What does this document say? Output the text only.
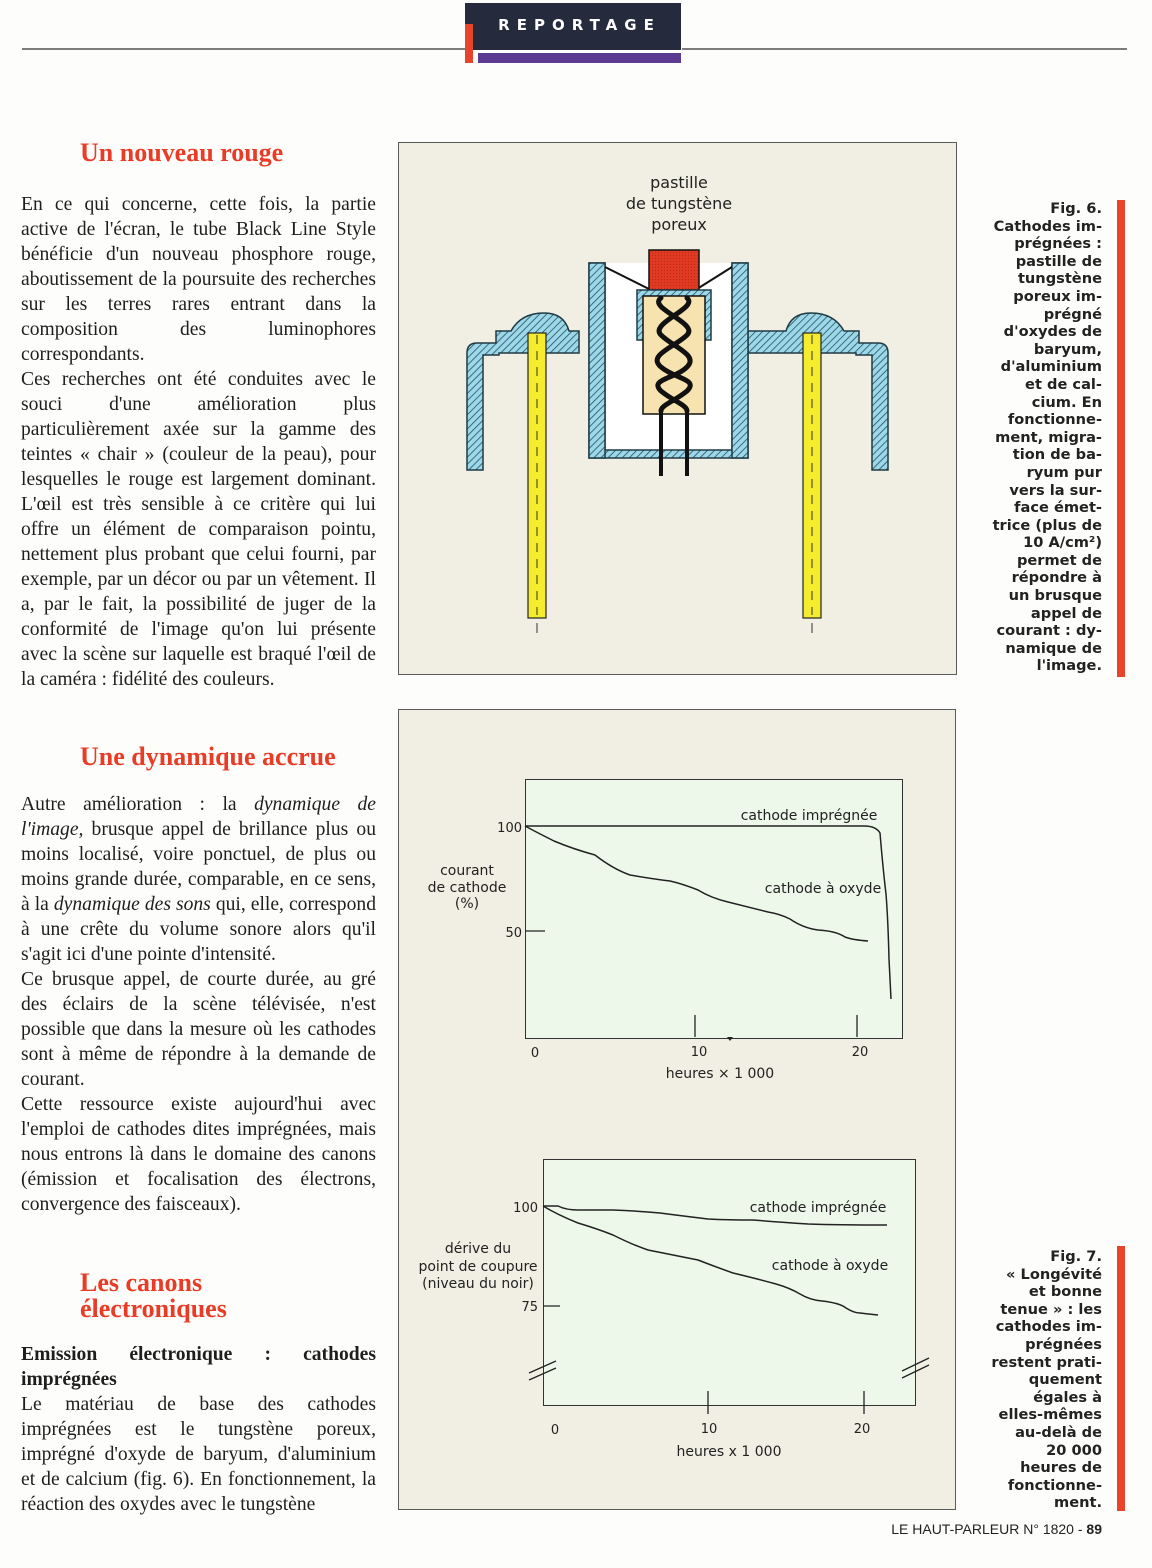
REPORTAGE
Un nouveau rouge

En ce qui concerne, cette fois, la partie active de l'écran, le tube Black Line Style bénéficie d'un nouveau phosphore rouge, aboutissement de la poursuite des recherches sur les terres rares entrant dans la composition des luminophores correspondants.

Ces recherches ont été conduites avec le souci d'une amélioration plus particulièrement axée sur la gamme des teintes « chair » (couleur de la peau), pour lesquelles le rouge est largement dominant. L'œil est très sensible à ce critère qui lui offre un élément de comparaison pointu, nettement plus probant que celui fourni, par exemple, par un décor ou par un vêtement. Il a, par le fait, la possibilité de juger de la conformité de l'image qu'on lui présente avec la scène sur laquelle est braqué l'œil de la caméra : fidélité des couleurs.

Une dynamique accrue

Autre amélioration : la dynamique de l'image, brusque appel de brillance plus ou moins localisé, voire ponctuel, de plus ou moins grande durée, comparable, en ce sens, à la dynamique des sons qui, elle, correspond à une crête du volume sonore alors qu'il s'agit ici d'une pointe d'intensité.

Ce brusque appel, de courte durée, au gré des éclairs de la scène télévisée, n'est possible que dans la mesure où les cathodes sont à même de répondre à la demande de courant.

Cette ressource existe aujourd'hui avec l'emploi de cathodes dites imprégnées, mais nous entrons là dans le domaine des canons (émission et focalisation des électrons, convergence des faisceaux).

Les canons
électroniques

Emission électronique : cathodes imprégnées

Le matériau de base des cathodes imprégnées est le tungstène poreux, imprégné d'oxyde de baryum, d'aluminium et de calcium (fig. 6). En fonctionnement, la réaction des oxydes avec le tungstène

pastille
de tungstène
poreux
Fig. 6.
Cathodes im-
prégnées :
pastille de
tungstène
poreux im-
prégné
d'oxydes de
baryum,
d'aluminium
et de cal-
cium. En
fonctionne-
ment, migra-
tion de ba-
ryum pur
vers la sur-
face émet-
trice (plus de
10 A/cm²)
permet de
répondre à
un brusque
appel de
courant : dy-
namique de
l'image.
courant
de cathode
(%)
100
50
0	10	20
heures × 1 000
cathode imprégnée
cathode à oxyde
dérive du
point de coupure
(niveau du noir)
100
75
0	10	20
heures x 1 000
cathode imprégnée
cathode à oxyde
Fig. 7.
« Longévité
et bonne
tenue » : les
cathodes im-
prégnées
restent prati-
quement
égales à
elles-mêmes
au-delà de
20 000
heures de
fonctionne-
ment.
LE HAUT-PARLEUR N° 1820 - 89
